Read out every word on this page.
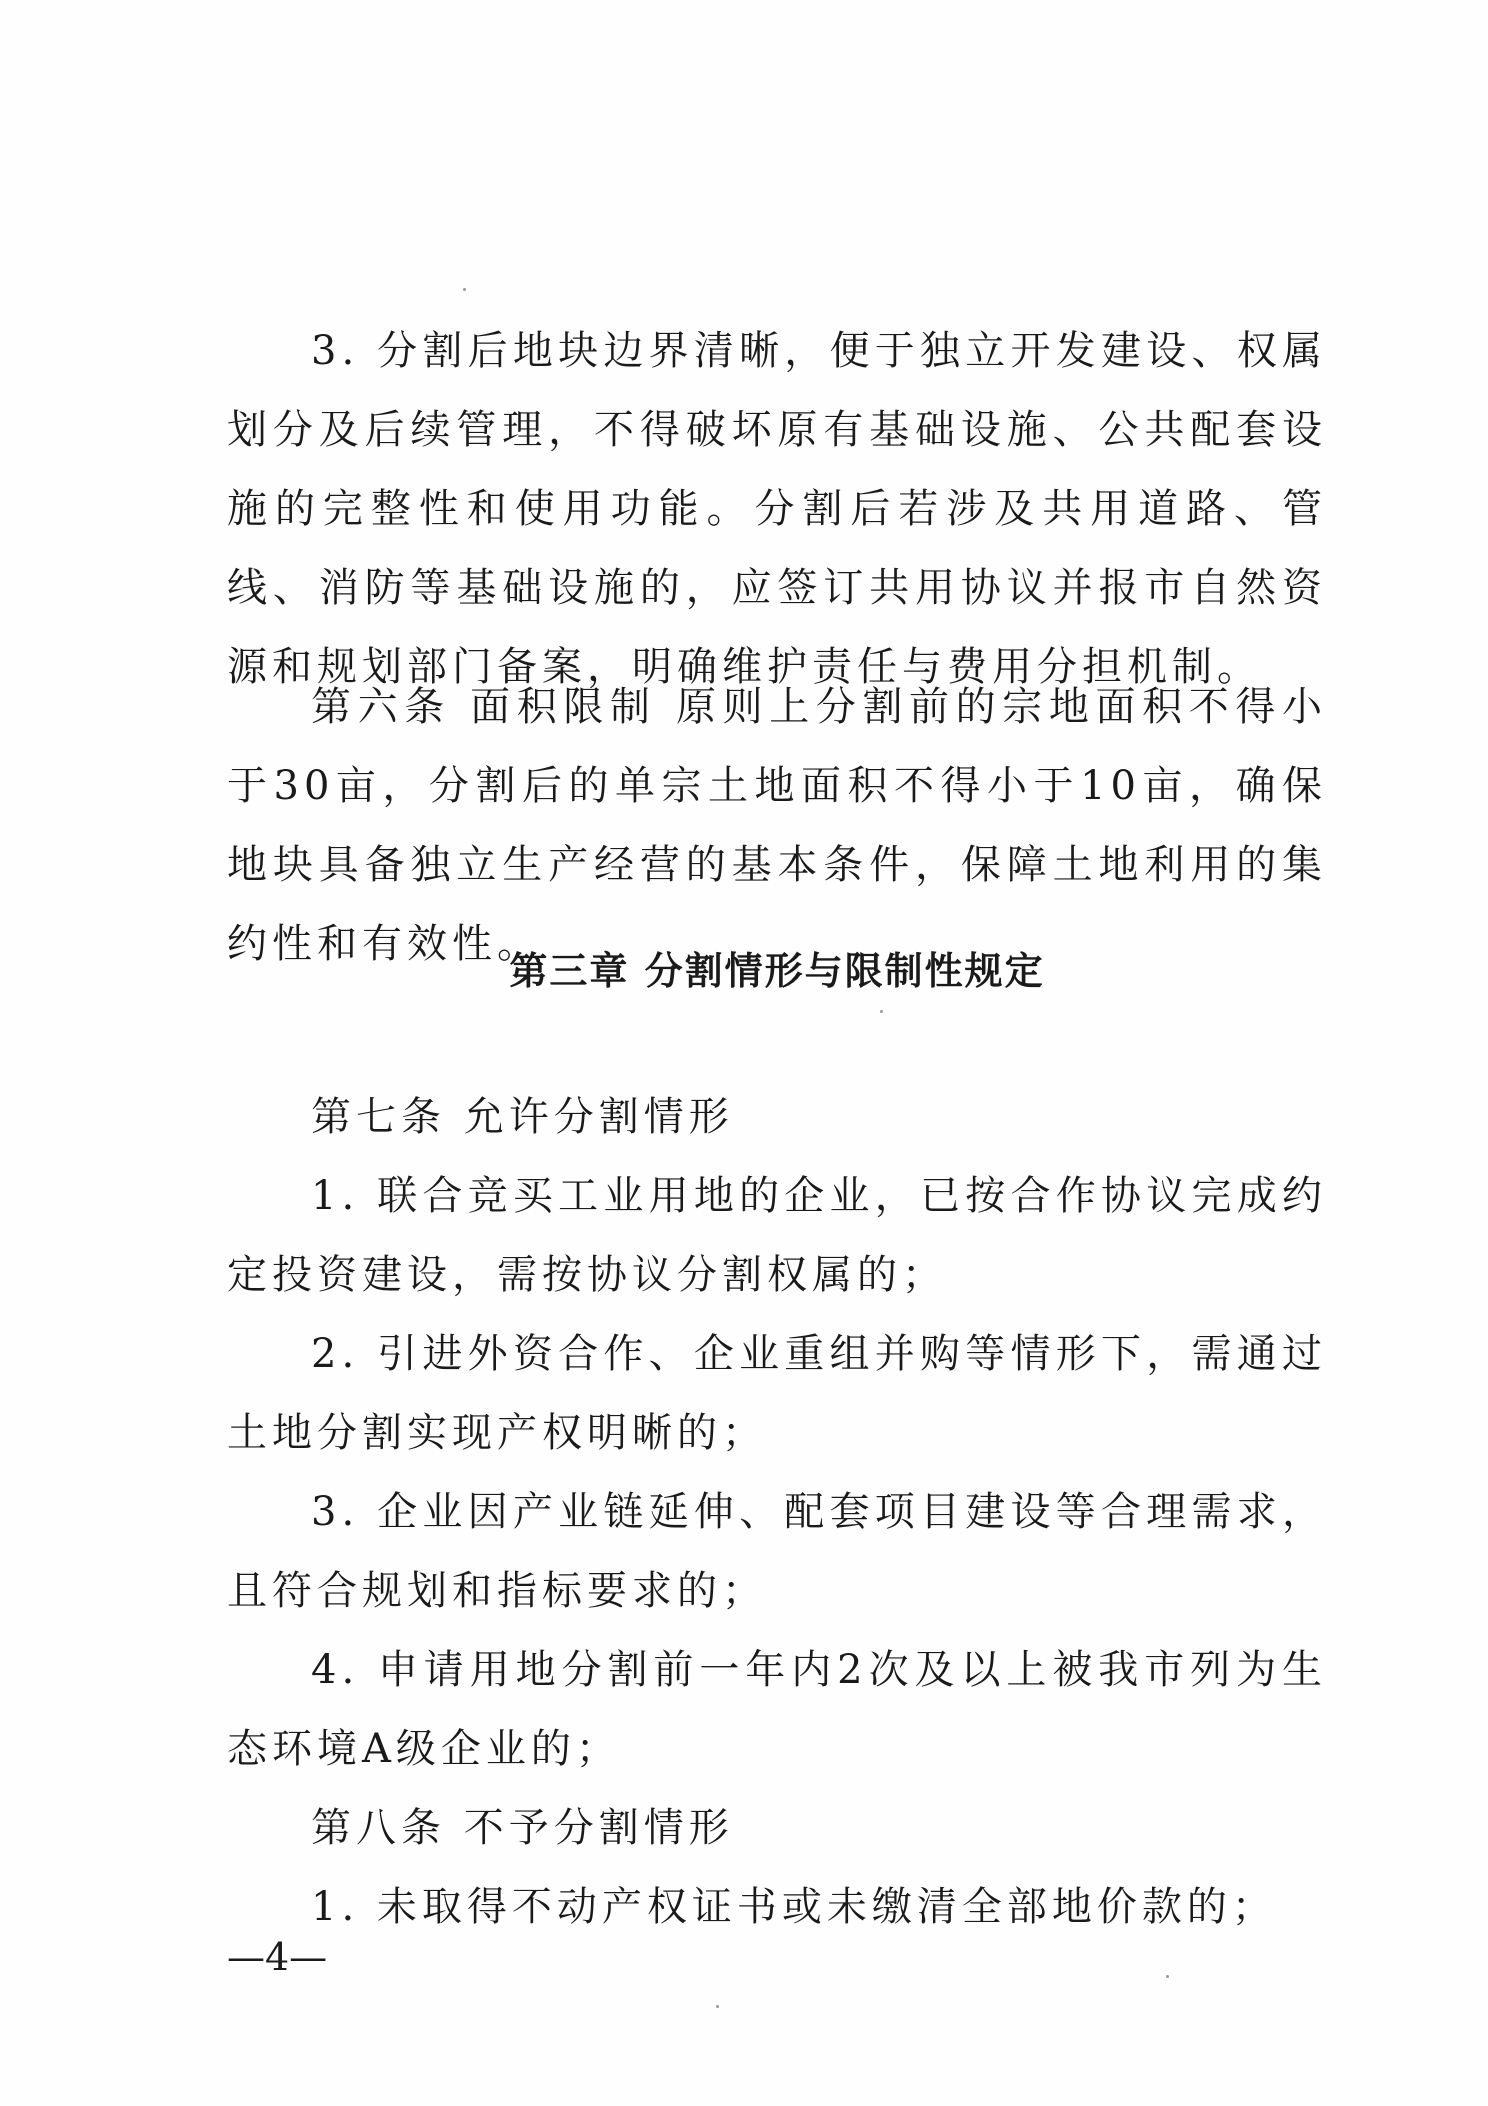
3. 分割后地块边界清晰，便于独立开发建设、权属划分及后续管理，不得破坏原有基础设施、公共配套设施的完整性和使用功能。分割后若涉及共用道路、管线、消防等基础设施的，应签订共用协议并报市自然资源和规划部门备案，明确维护责任与费用分担机制。

第六条 面积限制 原则上分割前的宗地面积不得小于30亩，分割后的单宗土地面积不得小于10亩，确保地块具备独立生产经营的基本条件，保障土地利用的集约性和有效性。

第三章 分割情形与限制性规定

第七条 允许分割情形

1. 联合竞买工业用地的企业，已按合作协议完成约定投资建设，需按协议分割权属的；

2. 引进外资合作、企业重组并购等情形下，需通过土地分割实现产权明晰的；

3. 企业因产业链延伸、配套项目建设等合理需求，且符合规划和指标要求的；

4. 申请用地分割前一年内2次及以上被我市列为生态环境A级企业的；

第八条 不予分割情形

1. 未取得不动产权证书或未缴清全部地价款的；

—4—
